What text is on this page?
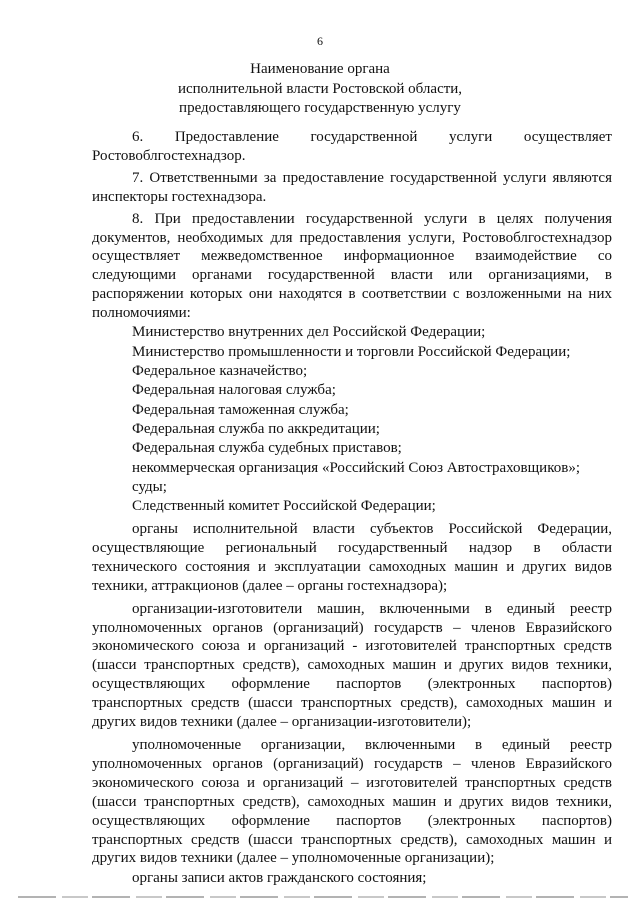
6
Наименование органа
исполнительной власти Ростовской области,
предоставляющего государственную услугу

6. Предоставление государственной услуги осуществляет Ростовоблгостехнадзор.

7. Ответственными за предоставление государственной услуги являются инспекторы гостехнадзора.

8. При предоставлении государственной услуги в целях получения документов, необходимых для предоставления услуги, Ростовоблгостехнадзор осуществляет межведомственное информационное взаимодействие со следующими органами государственной власти или организациями, в распоряжении которых они находятся в соответствии с возложенными на них полномочиями:

Министерство внутренних дел Российской Федерации;

Министерство промышленности и торговли Российской Федерации;

Федеральное казначейство;

Федеральная налоговая служба;

Федеральная таможенная служба;

Федеральная служба по аккредитации;

Федеральная служба судебных приставов;

некоммерческая организация «Российский Союз Автостраховщиков»;

суды;

Следственный комитет Российской Федерации;

органы исполнительной власти субъектов Российской Федерации, осуществляющие региональный государственный надзор в области технического состояния и эксплуатации самоходных машин и других видов техники, аттракционов (далее – органы гостехнадзора);

организации-изготовители машин, включенными в единый реестр уполномоченных органов (организаций) государств – членов Евразийского экономического союза и организаций - изготовителей транспортных средств (шасси транспортных средств), самоходных машин и других видов техники, осуществляющих оформление паспортов (электронных паспортов) транспортных средств (шасси транспортных средств), самоходных машин и других видов техники (далее – организации-изготовители);

уполномоченные организации, включенными в единый реестр уполномоченных органов (организаций) государств – членов Евразийского экономического союза и организаций – изготовителей транспортных средств (шасси транспортных средств), самоходных машин и других видов техники, осуществляющих оформление паспортов (электронных паспортов) транспортных средств (шасси транспортных средств), самоходных машин и других видов техники (далее – уполномоченные организации);

органы записи актов гражданского состояния;
